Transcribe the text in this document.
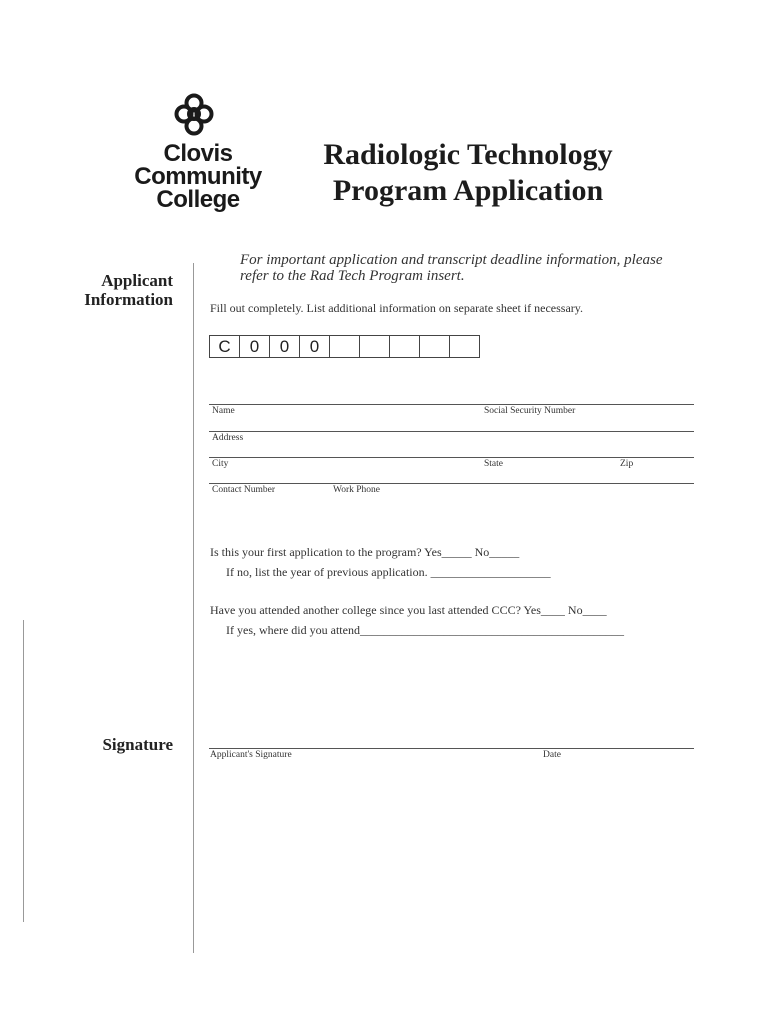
Clovis
Community
College
Radiologic Technology
Program Application
For important application and transcript deadline information, please
refer to the Rad Tech Program insert.
Applicant
Information
Signature
Fill out completely. List additional information on separate sheet if necessary.
C	0	0	0
Name	Social Security Number
Address
City	State	Zip
Contact Number	Work Phone
Is this your first application to the program? Yes_____ No_____
If no, list the year of previous application. ____________________
Have you attended another college since you last attended CCC? Yes____ No____
If yes, where did you attend____________________________________________
Applicant's Signature	Date
